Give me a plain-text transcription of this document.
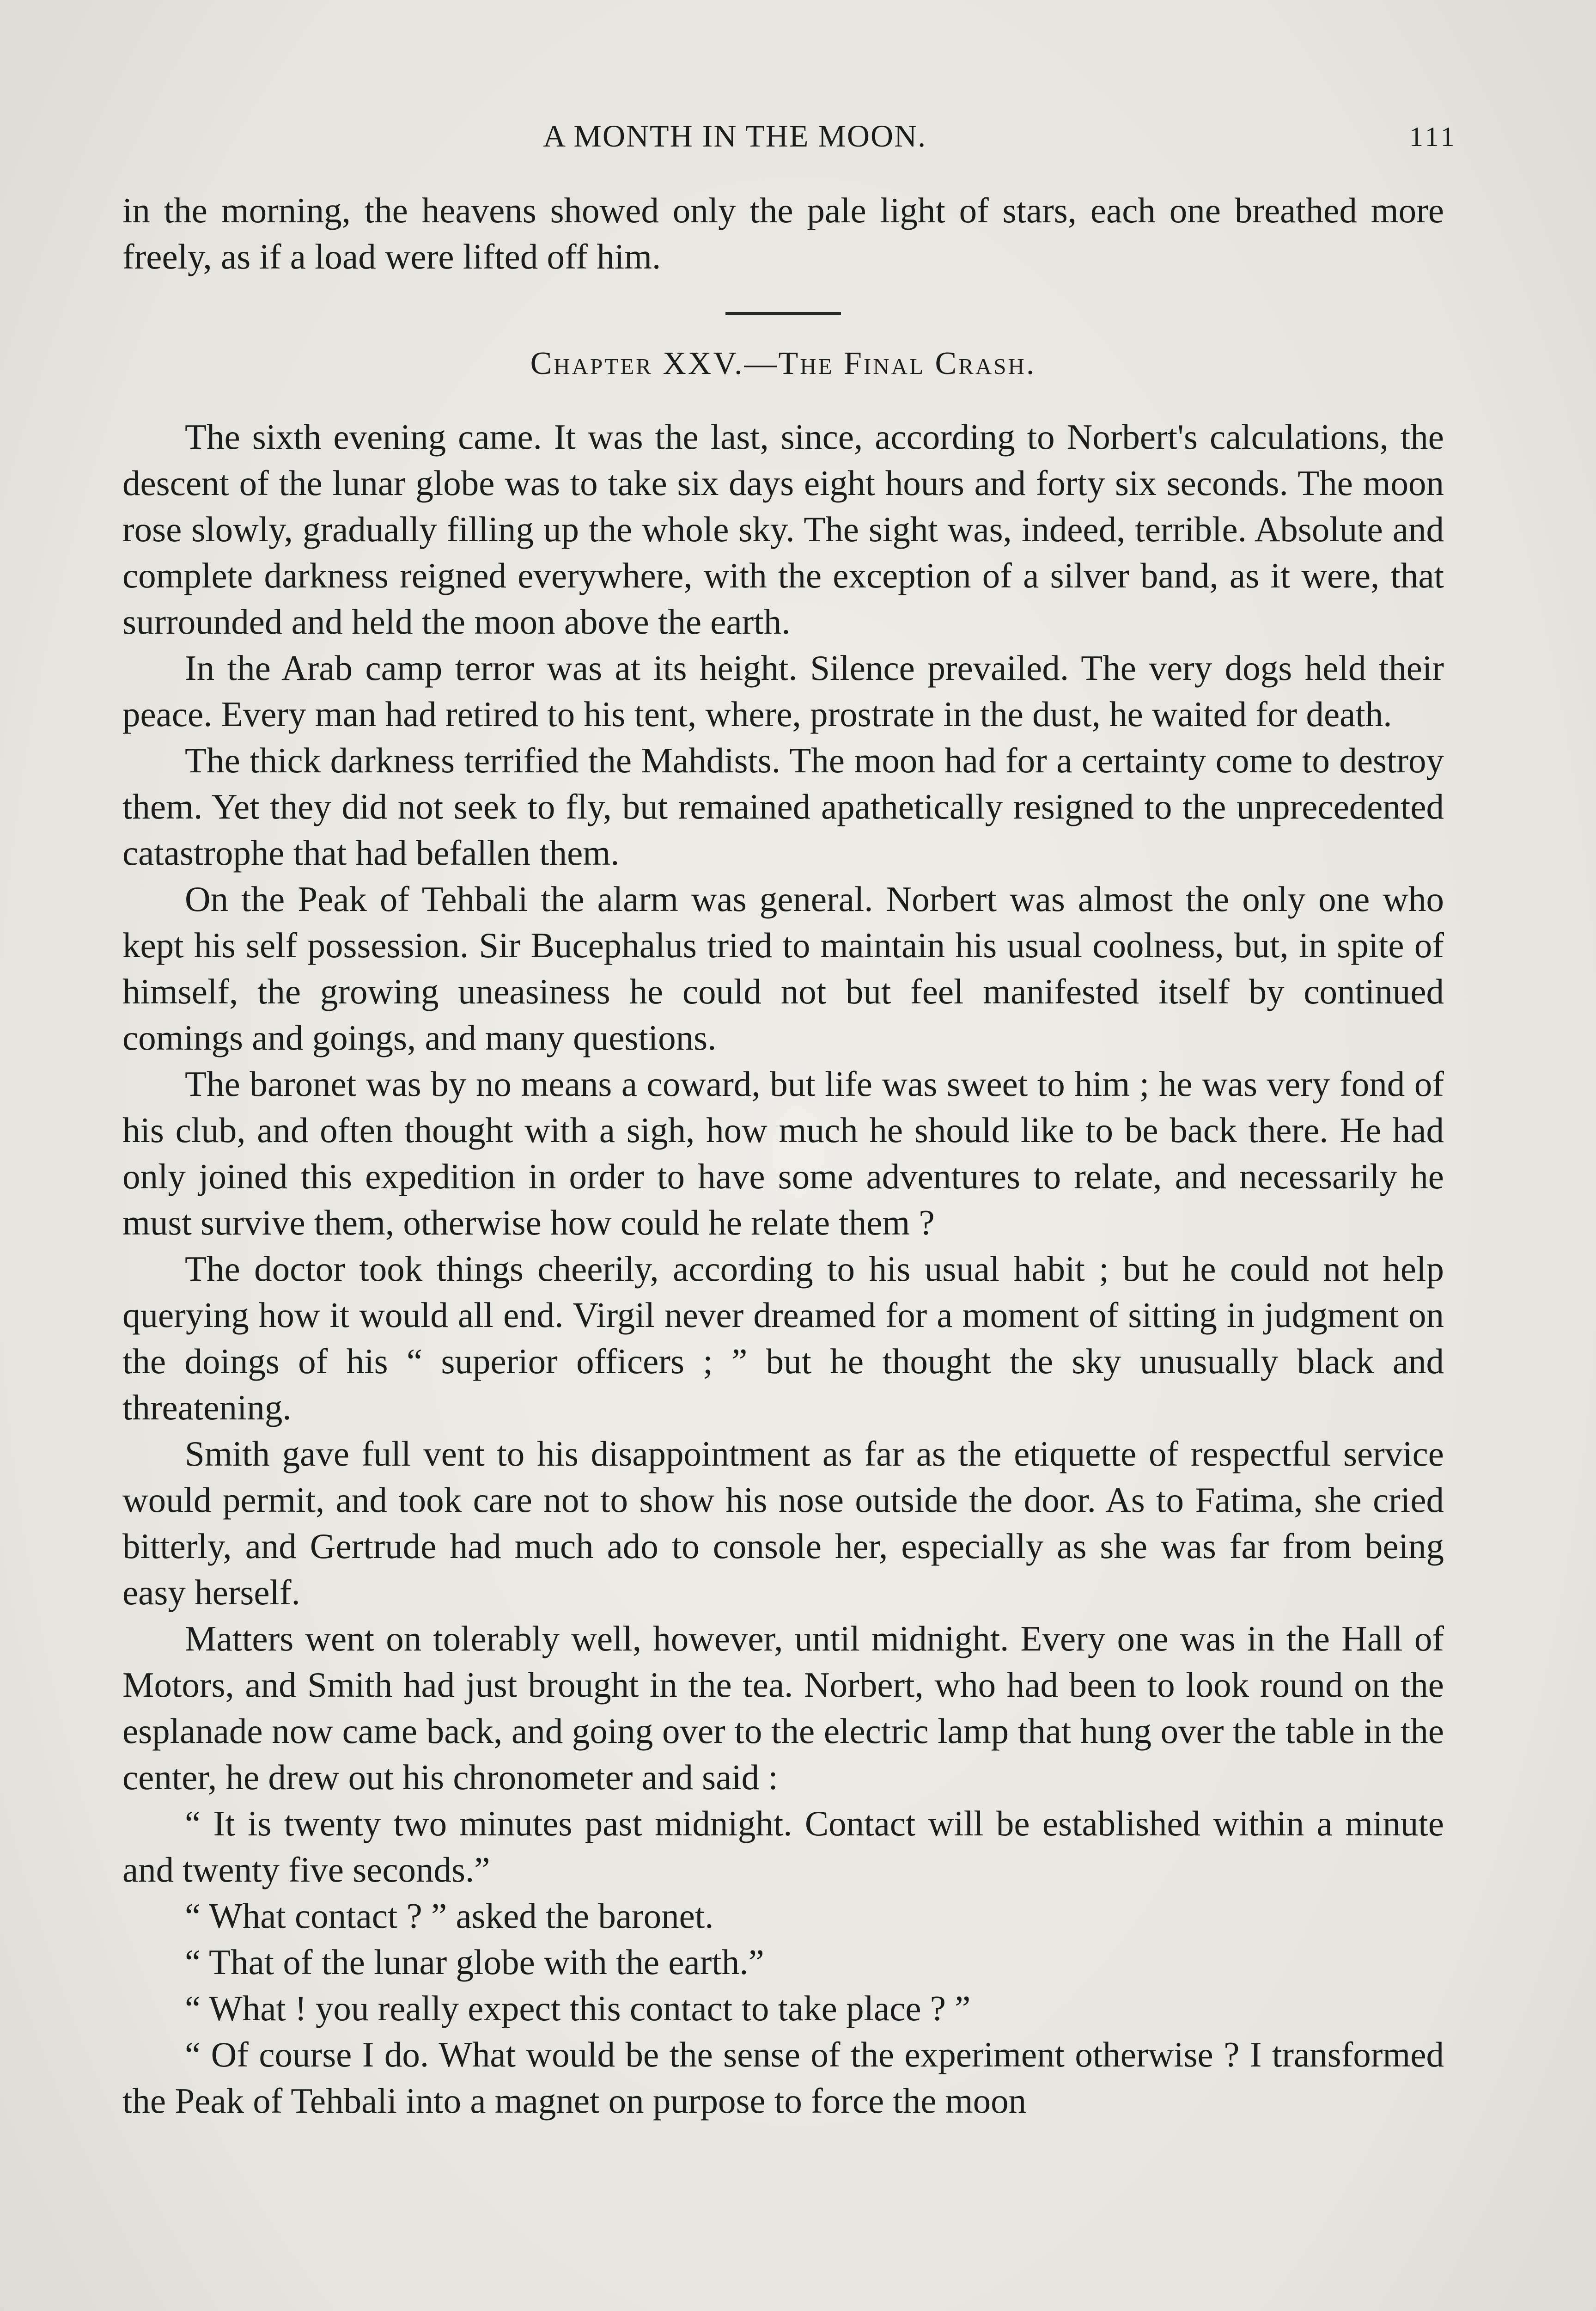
A MONTH IN THE MOON.	111

in the morning, the heavens showed only the pale light of stars, each one breathed more freely, as if a load were lifted off him.

Chapter XXV.—The Final Crash.

The sixth evening came. It was the last, since, according to Norbert's calculations, the descent of the lunar globe was to take six days eight hours and forty six seconds. The moon rose slowly, gradually filling up the whole sky. The sight was, indeed, terrible. Absolute and complete darkness reigned everywhere, with the exception of a silver band, as it were, that surrounded and held the moon above the earth.

In the Arab camp terror was at its height. Silence prevailed. The very dogs held their peace. Every man had retired to his tent, where, prostrate in the dust, he waited for death.

The thick darkness terrified the Mahdists. The moon had for a certainty come to destroy them. Yet they did not seek to fly, but remained apathetically resigned to the unprecedented catastrophe that had befallen them.

On the Peak of Tehbali the alarm was general. Norbert was almost the only one who kept his self possession. Sir Bucephalus tried to maintain his usual coolness, but, in spite of himself, the growing uneasiness he could not but feel manifested itself by continued comings and goings, and many questions.

The baronet was by no means a coward, but life was sweet to him ; he was very fond of his club, and often thought with a sigh, how much he should like to be back there. He had only joined this expedition in order to have some adventures to relate, and necessarily he must survive them, otherwise how could he relate them ?

The doctor took things cheerily, according to his usual habit ; but he could not help querying how it would all end. Virgil never dreamed for a moment of sitting in judgment on the doings of his “ superior officers ; ” but he thought the sky unusually black and threatening.

Smith gave full vent to his disappointment as far as the etiquette of respectful service would permit, and took care not to show his nose outside the door. As to Fatima, she cried bitterly, and Gertrude had much ado to console her, especially as she was far from being easy herself.

Matters went on tolerably well, however, until midnight. Every one was in the Hall of Motors, and Smith had just brought in the tea. Norbert, who had been to look round on the esplanade now came back, and going over to the electric lamp that hung over the table in the center, he drew out his chronometer and said :

“ It is twenty two minutes past midnight. Contact will be established within a minute and twenty five seconds.”

“ What contact ? ” asked the baronet.

“ That of the lunar globe with the earth.”

“ What ! you really expect this contact to take place ? ”

“ Of course I do. What would be the sense of the experiment otherwise ? I transformed the Peak of Tehbali into a magnet on purpose to force the moon
